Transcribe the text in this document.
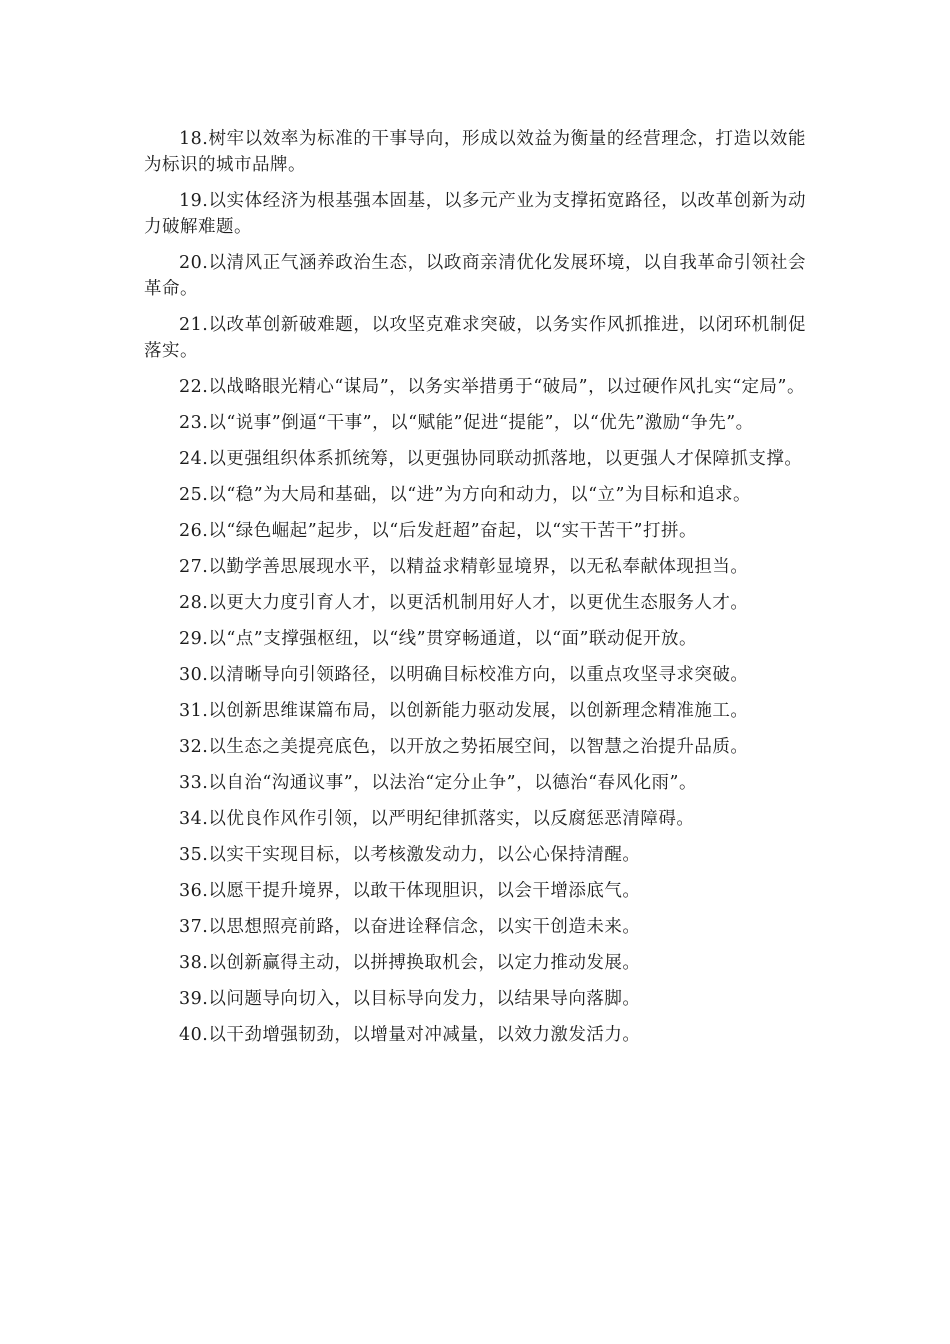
18.树牢以效率为标准的干事导向，形成以效益为衡量的经营理念，打造以效能为标识的城市品牌。

19.以实体经济为根基强本固基，以多元产业为支撑拓宽路径，以改革创新为动力破解难题。

20.以清风正气涵养政治生态，以政商亲清优化发展环境，以自我革命引领社会革命。

21.以改革创新破难题，以攻坚克难求突破，以务实作风抓推进，以闭环机制促落实。

22.以战略眼光精心“谋局”，以务实举措勇于“破局”，以过硬作风扎实“定局”。

23.以“说事”倒逼“干事”，以“赋能”促进“提能”，以“优先”激励“争先”。

24.以更强组织体系抓统筹，以更强协同联动抓落地，以更强人才保障抓支撑。

25.以“稳”为大局和基础，以“进”为方向和动力，以“立”为目标和追求。

26.以“绿色崛起”起步，以“后发赶超”奋起，以“实干苦干”打拼。

27.以勤学善思展现水平，以精益求精彰显境界，以无私奉献体现担当。

28.以更大力度引育人才，以更活机制用好人才，以更优生态服务人才。

29.以“点”支撑强枢纽，以“线”贯穿畅通道，以“面”联动促开放。

30.以清晰导向引领路径，以明确目标校准方向，以重点攻坚寻求突破。

31.以创新思维谋篇布局，以创新能力驱动发展，以创新理念精准施工。

32.以生态之美提亮底色，以开放之势拓展空间，以智慧之治提升品质。

33.以自治“沟通议事”，以法治“定分止争”，以德治“春风化雨”。

34.以优良作风作引领，以严明纪律抓落实，以反腐惩恶清障碍。

35.以实干实现目标，以考核激发动力，以公心保持清醒。

36.以愿干提升境界，以敢干体现胆识，以会干增添底气。

37.以思想照亮前路，以奋进诠释信念，以实干创造未来。

38.以创新赢得主动，以拼搏换取机会，以定力推动发展。

39.以问题导向切入，以目标导向发力，以结果导向落脚。

40.以干劲增强韧劲，以增量对冲减量，以效力激发活力。
